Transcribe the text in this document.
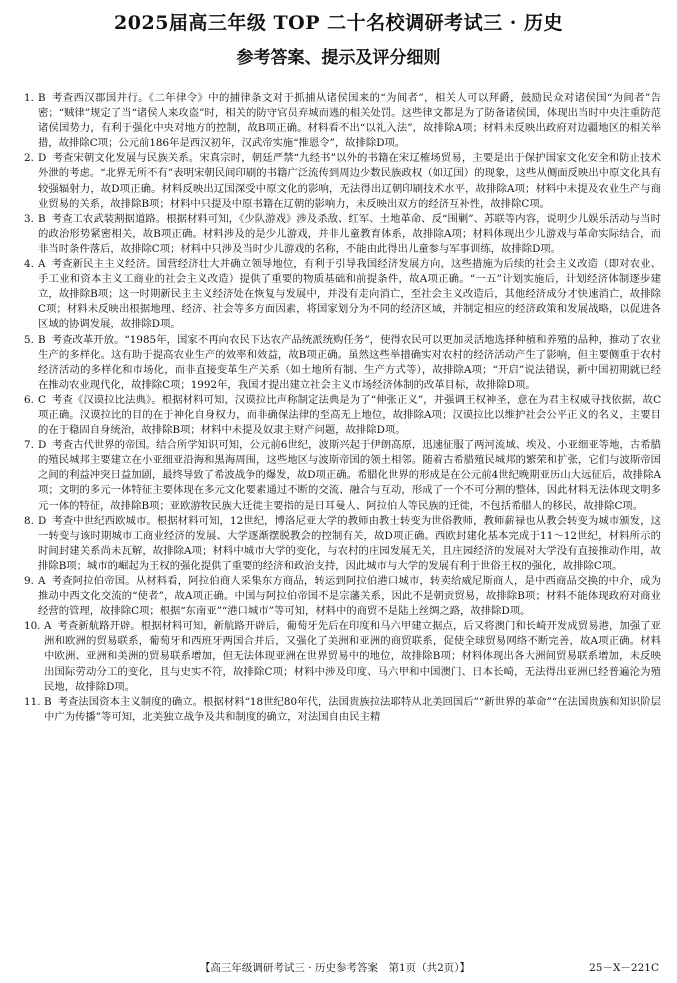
2025届高三年级 TOP 二十名校调研考试三 · 历史
参考答案、提示及评分细则

1. B 考查西汉郡国并行。《二年律令》中的捕律条文对于抓捕从诸侯国来的“为间者”，相关人可以拜爵，鼓励民众对诸侯国“为间者”告密；“贼律”规定了当“诸侯人来攻盗”时，相关的防守官员弃城而逃的相关处罚。这些律文都是为了防备诸侯国，体现出当时中央注重防范诸侯国势力，有利于强化中央对地方的控制，故B项正确。材料看不出“以礼入法”，故排除A项；材料未反映出政府对边疆地区的相关举措，故排除C项；公元前186年是西汉初年，汉武帝实施“推恩令”，故排除D项。

2. D 考查宋朝文化发展与民族关系。宋真宗时，朝廷严禁“九经书”以外的书籍在宋辽榷场贸易，主要是出于保护国家文化安全和防止技术外泄的考虑。“北界无所不有”表明宋朝民间印刷的书籍广泛流传到周边少数民族政权（如辽国）的现象，这些从侧面反映出中原文化具有较强辐射力，故D项正确。材料反映出辽国深受中原文化的影响，无法得出辽朝印刷技术水平，故排除A项；材料中未提及农业生产与商业贸易的关系，故排除B项；材料中只提及中原书籍在辽朝的影响力，未反映出双方的经济互补性，故排除C项。

3. B 考查工农武装割据道路。根据材料可知，《少队游戏》涉及杀敌、红军、土地革命、反“围剿”、苏联等内容，说明少儿娱乐活动与当时的政治形势紧密相关，故B项正确。材料涉及的是少儿游戏，并非儿童教育体系，故排除A项；材料体现出少儿游戏与革命实际结合，而非当时条件落后，故排除C项；材料中只涉及当时少儿游戏的名称，不能由此得出儿童参与军事训练，故排除D项。

4. A 考查新民主主义经济。国营经济壮大并确立领导地位，有利于引导我国经济发展方向，这些措施为后续的社会主义改造（即对农业、手工业和资本主义工商业的社会主义改造）提供了重要的物质基础和前提条件，故A项正确。“一五”计划实施后，计划经济体制逐步建立，故排除B项；这一时期新民主主义经济处在恢复与发展中，并没有走向消亡，至社会主义改造后，其他经济成分才快速消亡，故排除C项；材料未反映出根据地理、经济、社会等多方面因素，将国家划分为不同的经济区域，并制定相应的经济政策和发展战略，以促进各区域的协调发展，故排除D项。

5. B 考查改革开放。“1985年，国家不再向农民下达农产品统派统购任务”，使得农民可以更加灵活地选择种植和养殖的品种，推动了农业生产的多样化。这有助于提高农业生产的效率和效益，故B项正确。虽然这些举措确实对农村的经济活动产生了影响，但主要侧重于农村经济活动的多样化和市场化，而非直接变革生产关系（如土地所有制、生产方式等），故排除A项；“开启”说法错误，新中国初期就已经在推动农业现代化，故排除C项；1992年，我国才提出建立社会主义市场经济体制的改革目标，故排除D项。

6. C 考查《汉谟拉比法典》。根据材料可知，汉谟拉比声称制定法典是为了“伸张正义”，并强调王权神圣，意在为君主权威寻找依据，故C项正确。汉谟拉比的目的在于神化自身权力，而非确保法律的至高无上地位，故排除A项；汉谟拉比以维护社会公平正义的名义，主要目的在于稳固自身统治，故排除B项；材料中未提及奴隶主财产问题，故排除D项。

7. D 考查古代世界的帝国。结合所学知识可知，公元前6世纪，波斯兴起于伊朗高原，迅速征服了两河流域、埃及、小亚细亚等地，古希腊的殖民城邦主要建立在小亚细亚沿海和黑海周围，这些地区与波斯帝国的领土相邻。随着古希腊殖民城邦的繁荣和扩张，它们与波斯帝国之间的利益冲突日益加剧，最终导致了希波战争的爆发，故D项正确。希腊化世界的形成是在公元前4世纪晚期亚历山大远征后，故排除A项；文明的多元一体特征主要体现在多元文化要素通过不断的交流、融合与互动，形成了一个不可分割的整体，因此材料无法体现文明多元一体的特征，故排除B项；亚欧游牧民族大迁徙主要指的是日耳曼人、阿拉伯人等民族的迁徙，不包括希腊人的移民，故排除C项。

8. D 考查中世纪西欧城市。根据材料可知，12世纪，博洛尼亚大学的教师由教士转变为世俗教师，教师薪禄也从教会转变为城市颁发，这一转变与该时期城市工商业经济的发展、大学逐渐摆脱教会的控制有关，故D项正确。西欧封建化基本完成于11～12世纪，材料所示的时间封建关系尚未瓦解，故排除A项；材料中城市大学的变化，与农村的庄园发展无关，且庄园经济的发展对大学没有直接推动作用，故排除B项；城市的崛起为王权的强化提供了重要的经济和政治支持，因此城市与大学的发展有利于世俗王权的强化，故排除C项。

9. A 考查阿拉伯帝国。从材料看，阿拉伯商人采集东方商品，转运到阿拉伯港口城市，转卖给威尼斯商人，是中西商品交换的中介，成为推动中西文化交流的“使者”，故A项正确。中国与阿拉伯帝国不是宗藩关系，因此不是朝贡贸易，故排除B项；材料不能体现政府对商业经营的管理，故排除C项；根据“东南亚”“港口城市”等可知，材料中的商贸不是陆上丝绸之路，故排除D项。

10. A 考查新航路开辟。根据材料可知，新航路开辟后，葡萄牙先后在印度和马六甲建立据点，后又将澳门和长崎开发成贸易港，加强了亚洲和欧洲的贸易联系，葡萄牙和西班牙两国合并后，又强化了美洲和亚洲的商贸联系，促使全球贸易网络不断完善，故A项正确。材料中欧洲、亚洲和美洲的贸易联系增加，但无法体现亚洲在世界贸易中的地位，故排除B项；材料体现出各大洲间贸易联系增加，未反映出国际劳动分工的变化，且与史实不符，故排除C项；材料中涉及印度、马六甲和中国澳门、日本长崎，无法得出亚洲已经普遍沦为殖民地，故排除D项。

11. B 考查法国资本主义制度的确立。根据材料“18世纪80年代，法国贵族拉法耶特从北美回国后”“新世界的革命”“在法国贵族和知识阶层中广为传播”等可知，北美独立战争及共和制度的确立，对法国自由民主精

【高三年级调研考试三 · 历史参考答案　第1页（共2页）】	25－X－221C
